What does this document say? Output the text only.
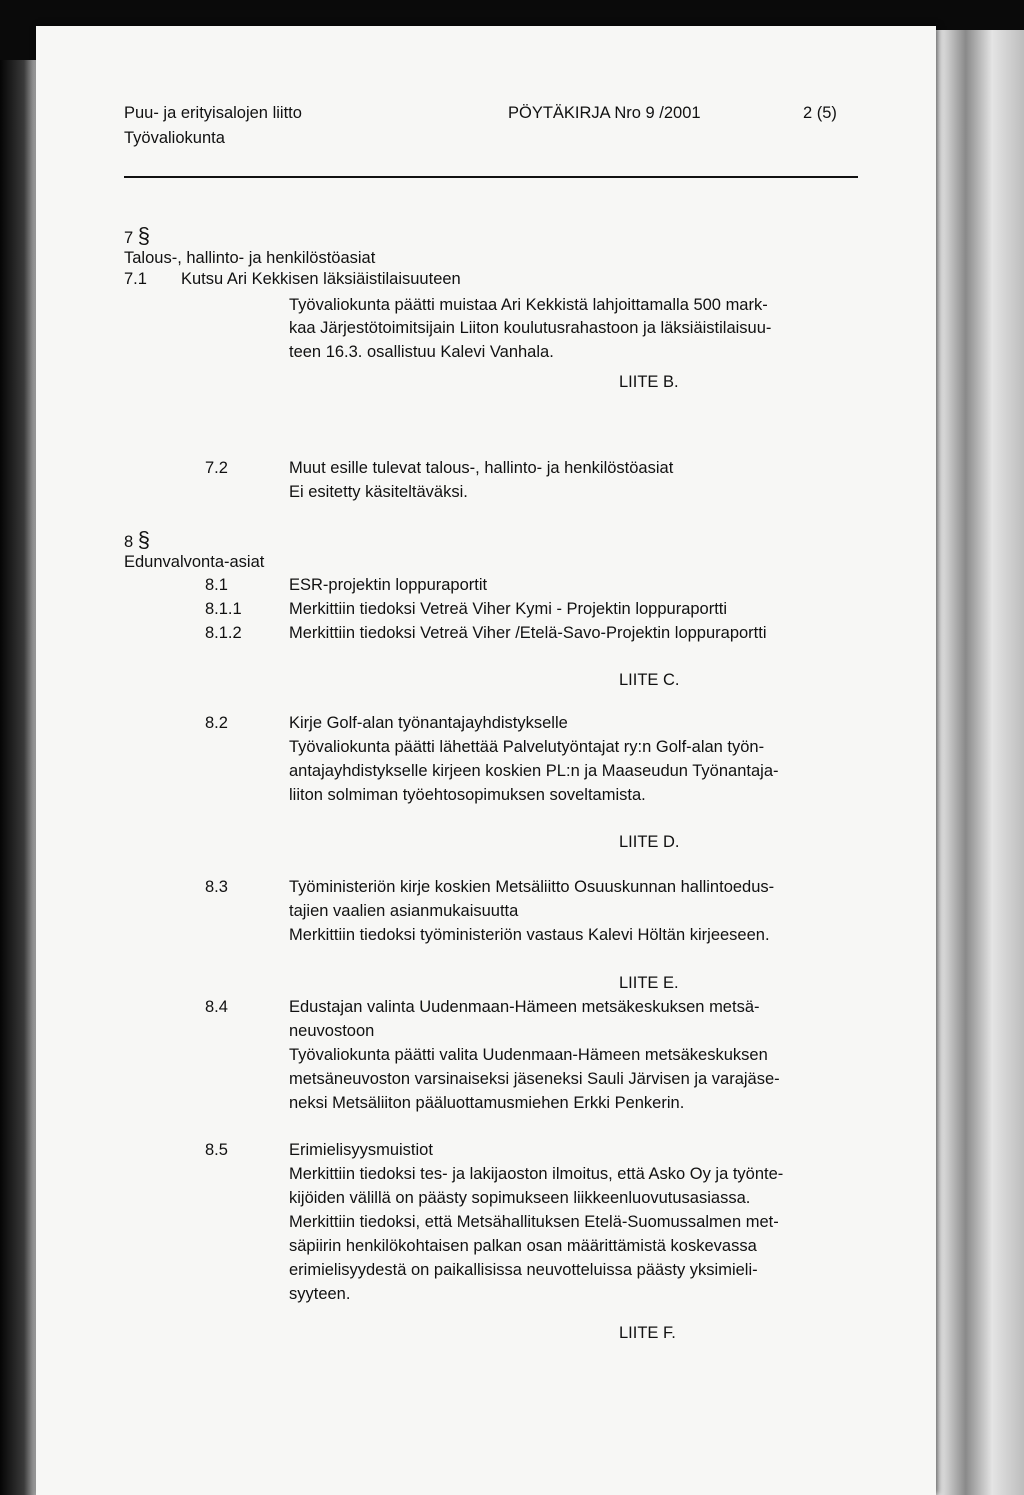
Puu- ja erityisalojen liitto
Työvaliokunta
PÖYTÄKIRJA Nro 9 /2001	2 (5)
7 §
Talous-, hallinto- ja henkilöstöasiat
7.1 Kutsu Ari Kekkisen läksiäistilaisuuteen
Työvaliokunta päätti muistaa Ari Kekkistä lahjoittamalla 500 mark-
kaa Järjestötoimitsijain Liiton koulutusrahastoon ja läksiäistilaisuu-
teen 16.3. osallistuu Kalevi Vanhala.
LIITE B.
7.2	Muut esille tulevat talous-, hallinto- ja henkilöstöasiat
Ei esitetty käsiteltäväksi.
8 §
Edunvalvonta-asiat
8.1	ESR-projektin loppuraportit
8.1.1	Merkittiin tiedoksi Vetreä Viher Kymi - Projektin loppuraportti
8.1.2	Merkittiin tiedoksi Vetreä Viher /Etelä-Savo-Projektin loppuraportti
LIITE C.
8.2	Kirje Golf-alan työnantajayhdistykselle
Työvaliokunta päätti lähettää Palvelutyöntajat ry:n Golf-alan työn-
antajayhdistykselle kirjeen koskien PL:n ja Maaseudun Työnantaja-
liiton solmiman työehtosopimuksen soveltamista.
LIITE D.
8.3	Työministeriön kirje koskien Metsäliitto Osuuskunnan hallintoedus-
tajien vaalien asianmukaisuutta
Merkittiin tiedoksi työministeriön vastaus Kalevi Höltän kirjeeseen.
LIITE E.
8.4	Edustajan valinta Uudenmaan-Hämeen metsäkeskuksen metsä-
neuvostoon
Työvaliokunta päätti valita Uudenmaan-Hämeen metsäkeskuksen
metsäneuvoston varsinaiseksi jäseneksi Sauli Järvisen ja varajäse-
neksi Metsäliiton pääluottamusmiehen Erkki Penkerin.
8.5	Erimielisyysmuistiot
Merkittiin tiedoksi tes- ja lakijaoston ilmoitus, että Asko Oy ja työnte-
kijöiden välillä on päästy sopimukseen liikkeenluovutusasiassa.
Merkittiin tiedoksi, että Metsähallituksen Etelä-Suomussalmen met-
säpiirin henkilökohtaisen palkan osan määrittämistä koskevassa
erimielisyydestä on paikallisissa neuvotteluissa päästy yksimieli-
syyteen.
LIITE F.
